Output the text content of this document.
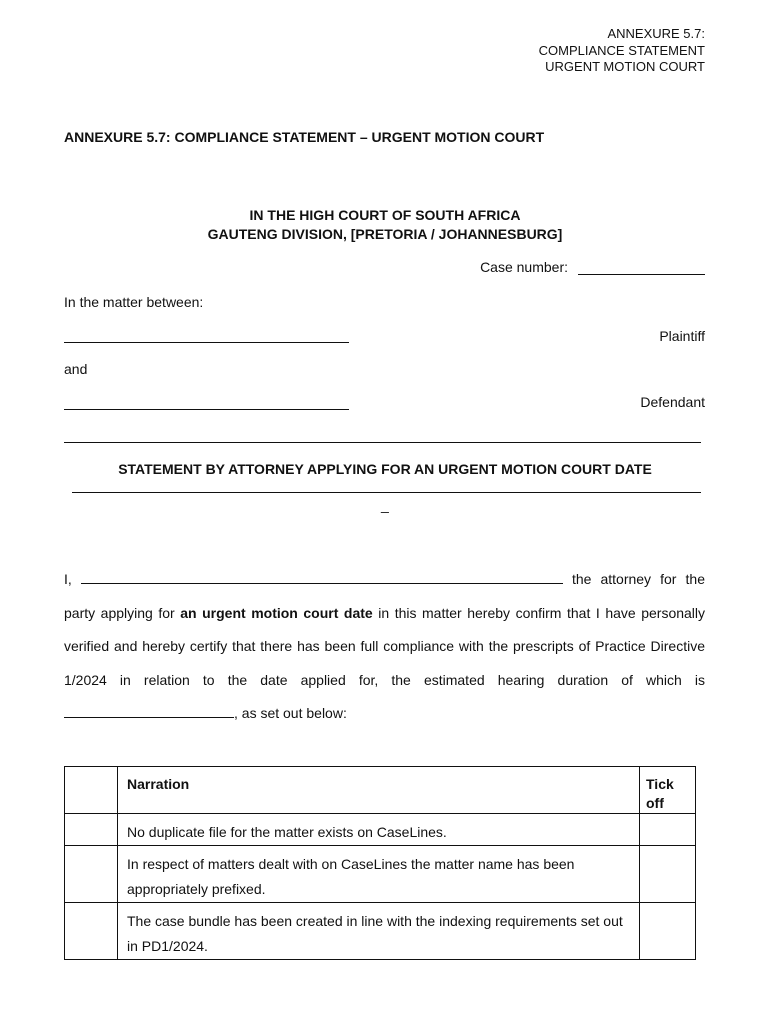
ANNEXURE 5.7:
COMPLIANCE STATEMENT
URGENT MOTION COURT
ANNEXURE 5.7: COMPLIANCE STATEMENT – URGENT MOTION COURT
IN THE HIGH COURT OF SOUTH AFRICA
GAUTENG DIVISION, [PRETORIA / JOHANNESBURG]
Case number:
In the matter between:
Plaintiff
and
Defendant
STATEMENT BY ATTORNEY APPLYING FOR AN URGENT MOTION COURT DATE
_
I,	the attorney for the party applying for an urgent motion court date in this matter hereby confirm that I have personally verified and hereby certify that there has been full compliance with the prescripts of Practice Directive 1/2024 in relation to the date applied for, the estimated hearing duration of which is , as set out below:
	Narration	Tick off
	No duplicate file for the matter exists on CaseLines.	
	In respect of matters dealt with on CaseLines the matter name has been appropriately prefixed.	
	The case bundle has been created in line with the indexing requirements set out in PD1/2024.	
